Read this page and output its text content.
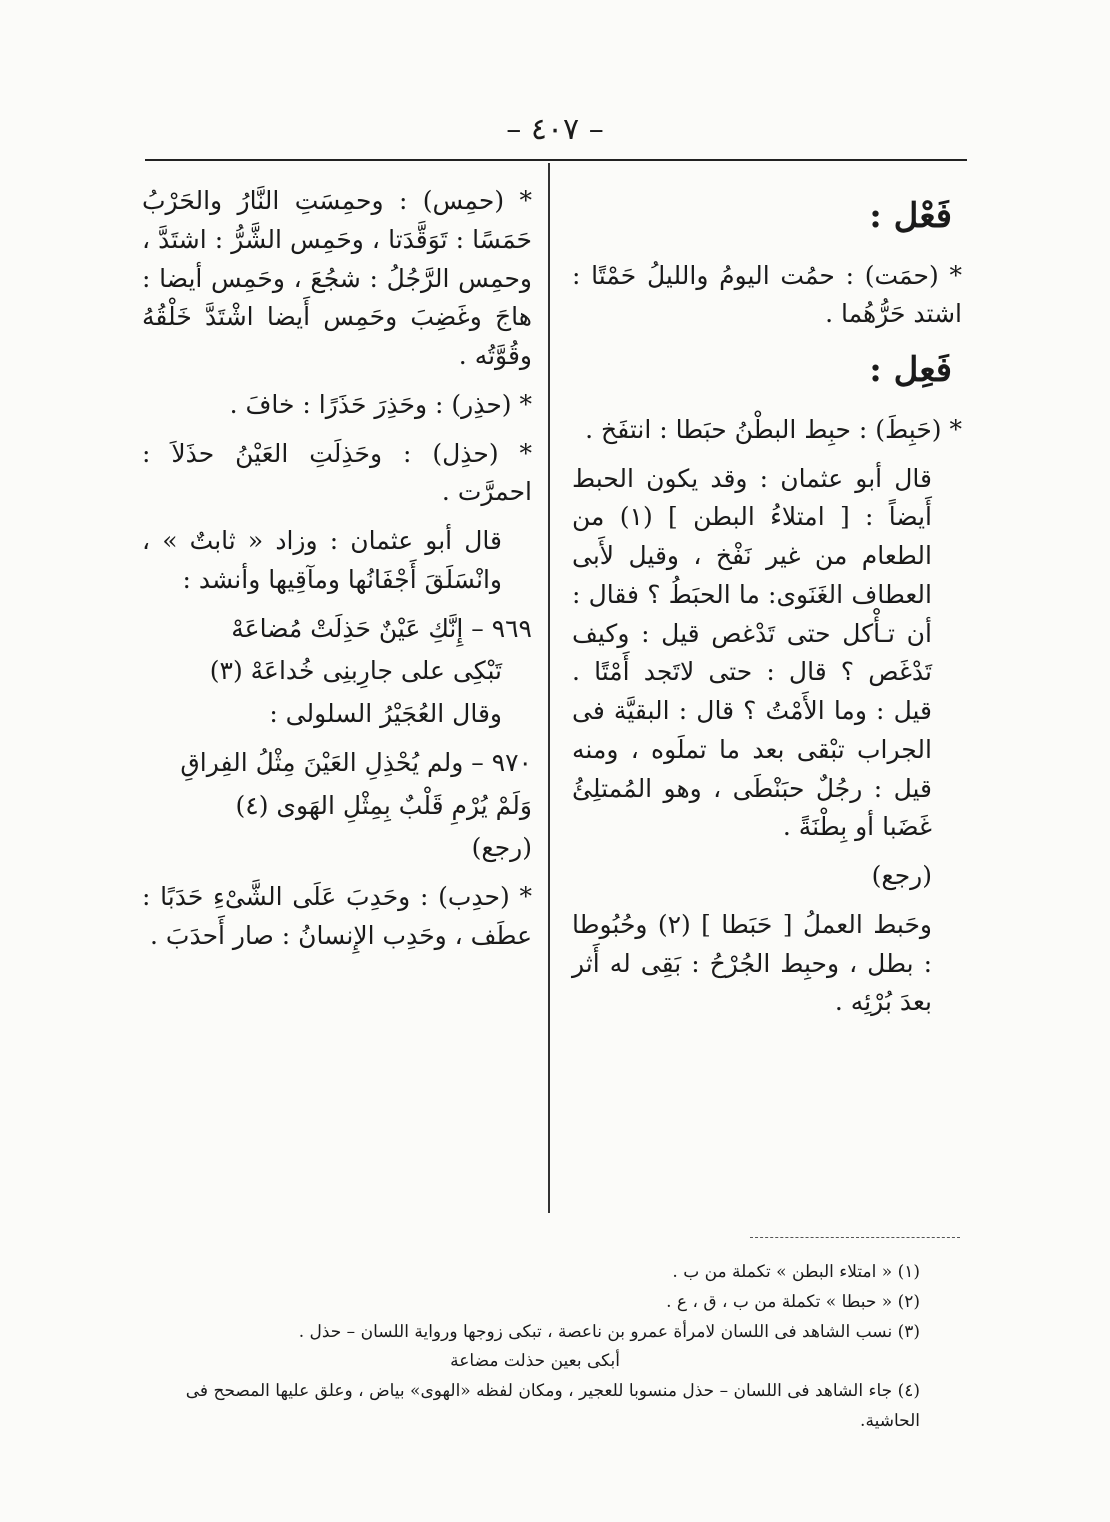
– ٤٠٧ –

فَعْل :

* (حمَت) : حمُت اليومُ والليلُ حَمْتًا : اشتد حَرُّهُما .

فَعِل :

* (حَبِطَ) : حبِط البطْنُ حبَطا : انتفَخ .

قال أبو عثمان : وقد يكون الحبط أَيضاً : [ امتلاءُ البطن ] (١) من الطعام من غير نَفْخ ، وقيل لأَبى العطاف الغَنَوى: ما الحبَطُ ؟ فقال : أن تـأْكل حتى تَدْغص قيل : وكيف تَدْغَص ؟ قال : حتى لاتَجد أَمْتًا . قيل : وما الأَمْتُ ؟ قال : البقيَّة فى الجراب تبْقى بعد ما تملَوه ، ومنه قيل : رجُلٌ حبَنْطَى ، وهو المُمتلِئُ غَضَبا أو بِطْنَةً .

(رجع)

وحَبط العملُ [ حَبَطا ] (٢) وحُبُوطا : بطل ، وحبِط الجُرْحُ : بَقِى له أَثر بعدَ بُرْئِه .

* (حمِس) : وحمِسَتِ النَّارُ والحَرْبُ حَمَسًا : تَوَقَّدَتا ، وحَمِس الشَّرُّ : اشتَدَّ ، وحمِس الرَّجُلُ : شجُعَ ، وحَمِس أيضا : هاجَ وغَضِبَ وحَمِس أَيضا اشْتَدَّ خَلْقُهُ وقُوَّتُه .

* (حذِر) : وحَذِرَ حَذَرًا : خافَ .

* (حذِل) : وحَذِلَتِ العَيْنُ حذَلاَ : احمرَّت .

قال أبو عثمان : وزاد « ثابتٌ » ، وانْسَلَقَ أَجْفَانُها ومآقِيها وأنشد :

٩٦٩ – إِنَّكِ عَيْنٌ حَذِلَتْ مُضاعَهْ

تَبْكِى على جارِبنِى خُداعَهْ (٣)

وقال العُجَيْرُ السلولى :

٩٧٠ – ولم يُحْذِلِ العَيْنَ مِثْلُ الفِراقِ

وَلَمْ يُرْمِ قَلْبٌ بِمِثْلِ الهَوى (٤)

(رجع)

* (حدِب) : وحَدِبَ عَلَى الشَّىْءِ حَدَبًا : عطَف ، وحَدِب الإِنسانُ : صار أَحدَبَ .

(١) « امتلاء البطن » تكملة من ب .
(٢) « حبطا » تكملة من ب ، ق ، ع .
(٣) نسب الشاهد فى اللسان لامرأة عمرو بن ناعصة ، تبكى زوجها ورواية اللسان – حذل .
أبكى بعين حذلت مضاعة
(٤) جاء الشاهد فى اللسان – حذل منسوبا للعجير ، ومكان لفظه «الهوى» بياض ، وعلق عليها المصحح فى الحاشية.
